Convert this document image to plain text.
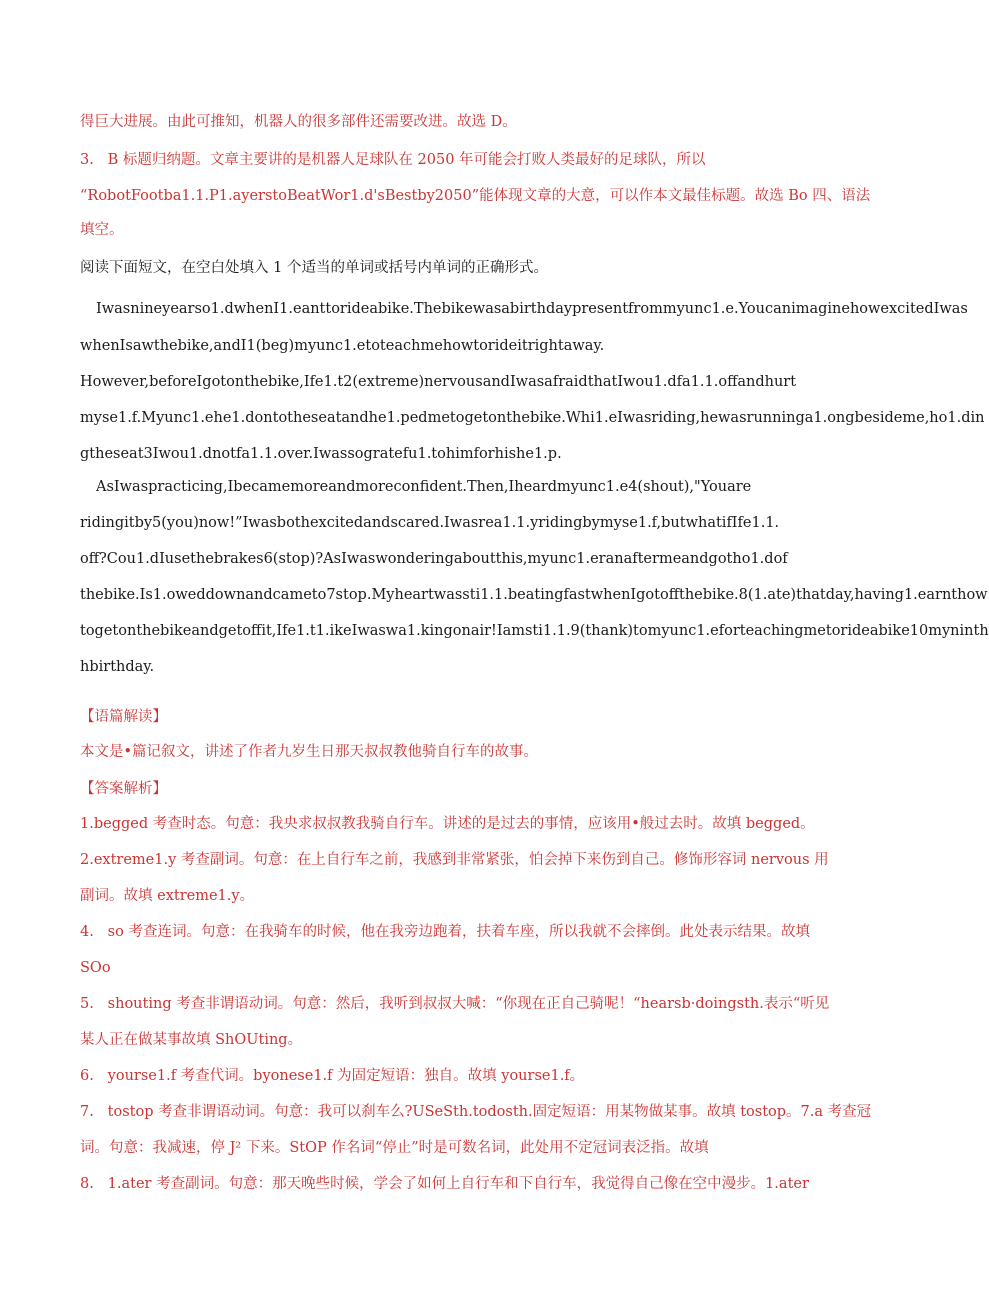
得巨大进展。由此可推知，机器人的很多部件还需要改进。故选 D。
3.   B 标题归纳题。文章主要讲的是机器人足球队在 2050 年可能会打败人类最好的足球队，所以
“RobotFootba1.1.P1.ayerstoBeatWor1.d'sBestby2050”能体现文章的大意，可以作本文最佳标题。故选 Bo 四、语法
填空。
阅读下面短文，在空白处填入 1 个适当的单词或括号内单词的正确形式。
Iwasnineyearso1.dwhenI1.eanttorideabike.Thebikewasabirthdaypresentfrommyunc1.e.YoucanimaginehowexcitedIwas
whenIsawthebike,andI1(beg)myunc1.etoteachmehowtorideitrightaway.
However,beforeIgotonthebike,Ife1.t2(extreme)nervousandIwasafraidthatIwou1.dfa1.1.offandhurt
myse1.f.Myunc1.ehe1.dontotheseatandhe1.pedmetogetonthebike.Whi1.eIwasriding,hewasrunninga1.ongbesideme,ho1.din
gtheseat3Iwou1.dnotfa1.1.over.Iwassogratefu1.tohimforhishe1.p.
AsIwaspracticing,Ibecamemoreandmoreconfident.Then,Iheardmyunc1.e4(shout),"Youare
ridingitby5(you)now!”Iwasbothexcitedandscared.Iwasrea1.1.yridingbymyse1.f,butwhatifIfe1.1.
off?Cou1.dIusethebrakes6(stop)?AsIwaswonderingaboutthis,myunc1.eranaftermeandgotho1.dof
thebike.Is1.oweddownandcameto7stop.Myheartwassti1.1.beatingfastwhenIgotoffthebike.8(1.ate)thatday,having1.earnthow
togetonthebikeandgetoffit,Ife1.t1.ikeIwaswa1.kingonair!Iamsti1.1.9(thank)tomyunc1.eforteachingmetorideabike10myninth
hbirthday.
【语篇解读】
本文是•篇记叙文，讲述了作者九岁生日那天叔叔教他骑自行车的故事。
【答案解析】
1.begged 考查时态。句意：我央求叔叔教我骑自行车。讲述的是过去的事情，应该用•般过去时。故填 begged。
2.extreme1.y 考查副词。句意：在上自行车之前，我感到非常紧张，怕会掉下来伤到自己。修饰形容词 nervous 用
副词。故填 extreme1.y。
4.   so 考查连词。句意：在我骑车的时候，他在我旁边跑着，扶着车座，所以我就不会摔倒。此处表示结果。故填
SOo
5.   shouting 考查非谓语动词。句意：然后，我听到叔叔大喊：“你现在正自己骑呢！“hearsb·doingsth.表示“听见
某人正在做某事故填 ShOUting。
6.   yourse1.f 考查代词。byonese1.f 为固定短语：独自。故填 yourse1.f。
7.   tostop 考查非谓语动词。句意：我可以刹车么?USeSth.todosth.固定短语：用某物做某事。故填 tostop。7.a 考查冠
词。句意：我减速，停 J² 下来。StOP 作名词“停止”时是可数名词，此处用不定冠词表泛指。故填
8.   1.ater 考查副词。句意：那天晚些时候，学会了如何上自行车和下自行车，我觉得自己像在空中漫步。1.ater
